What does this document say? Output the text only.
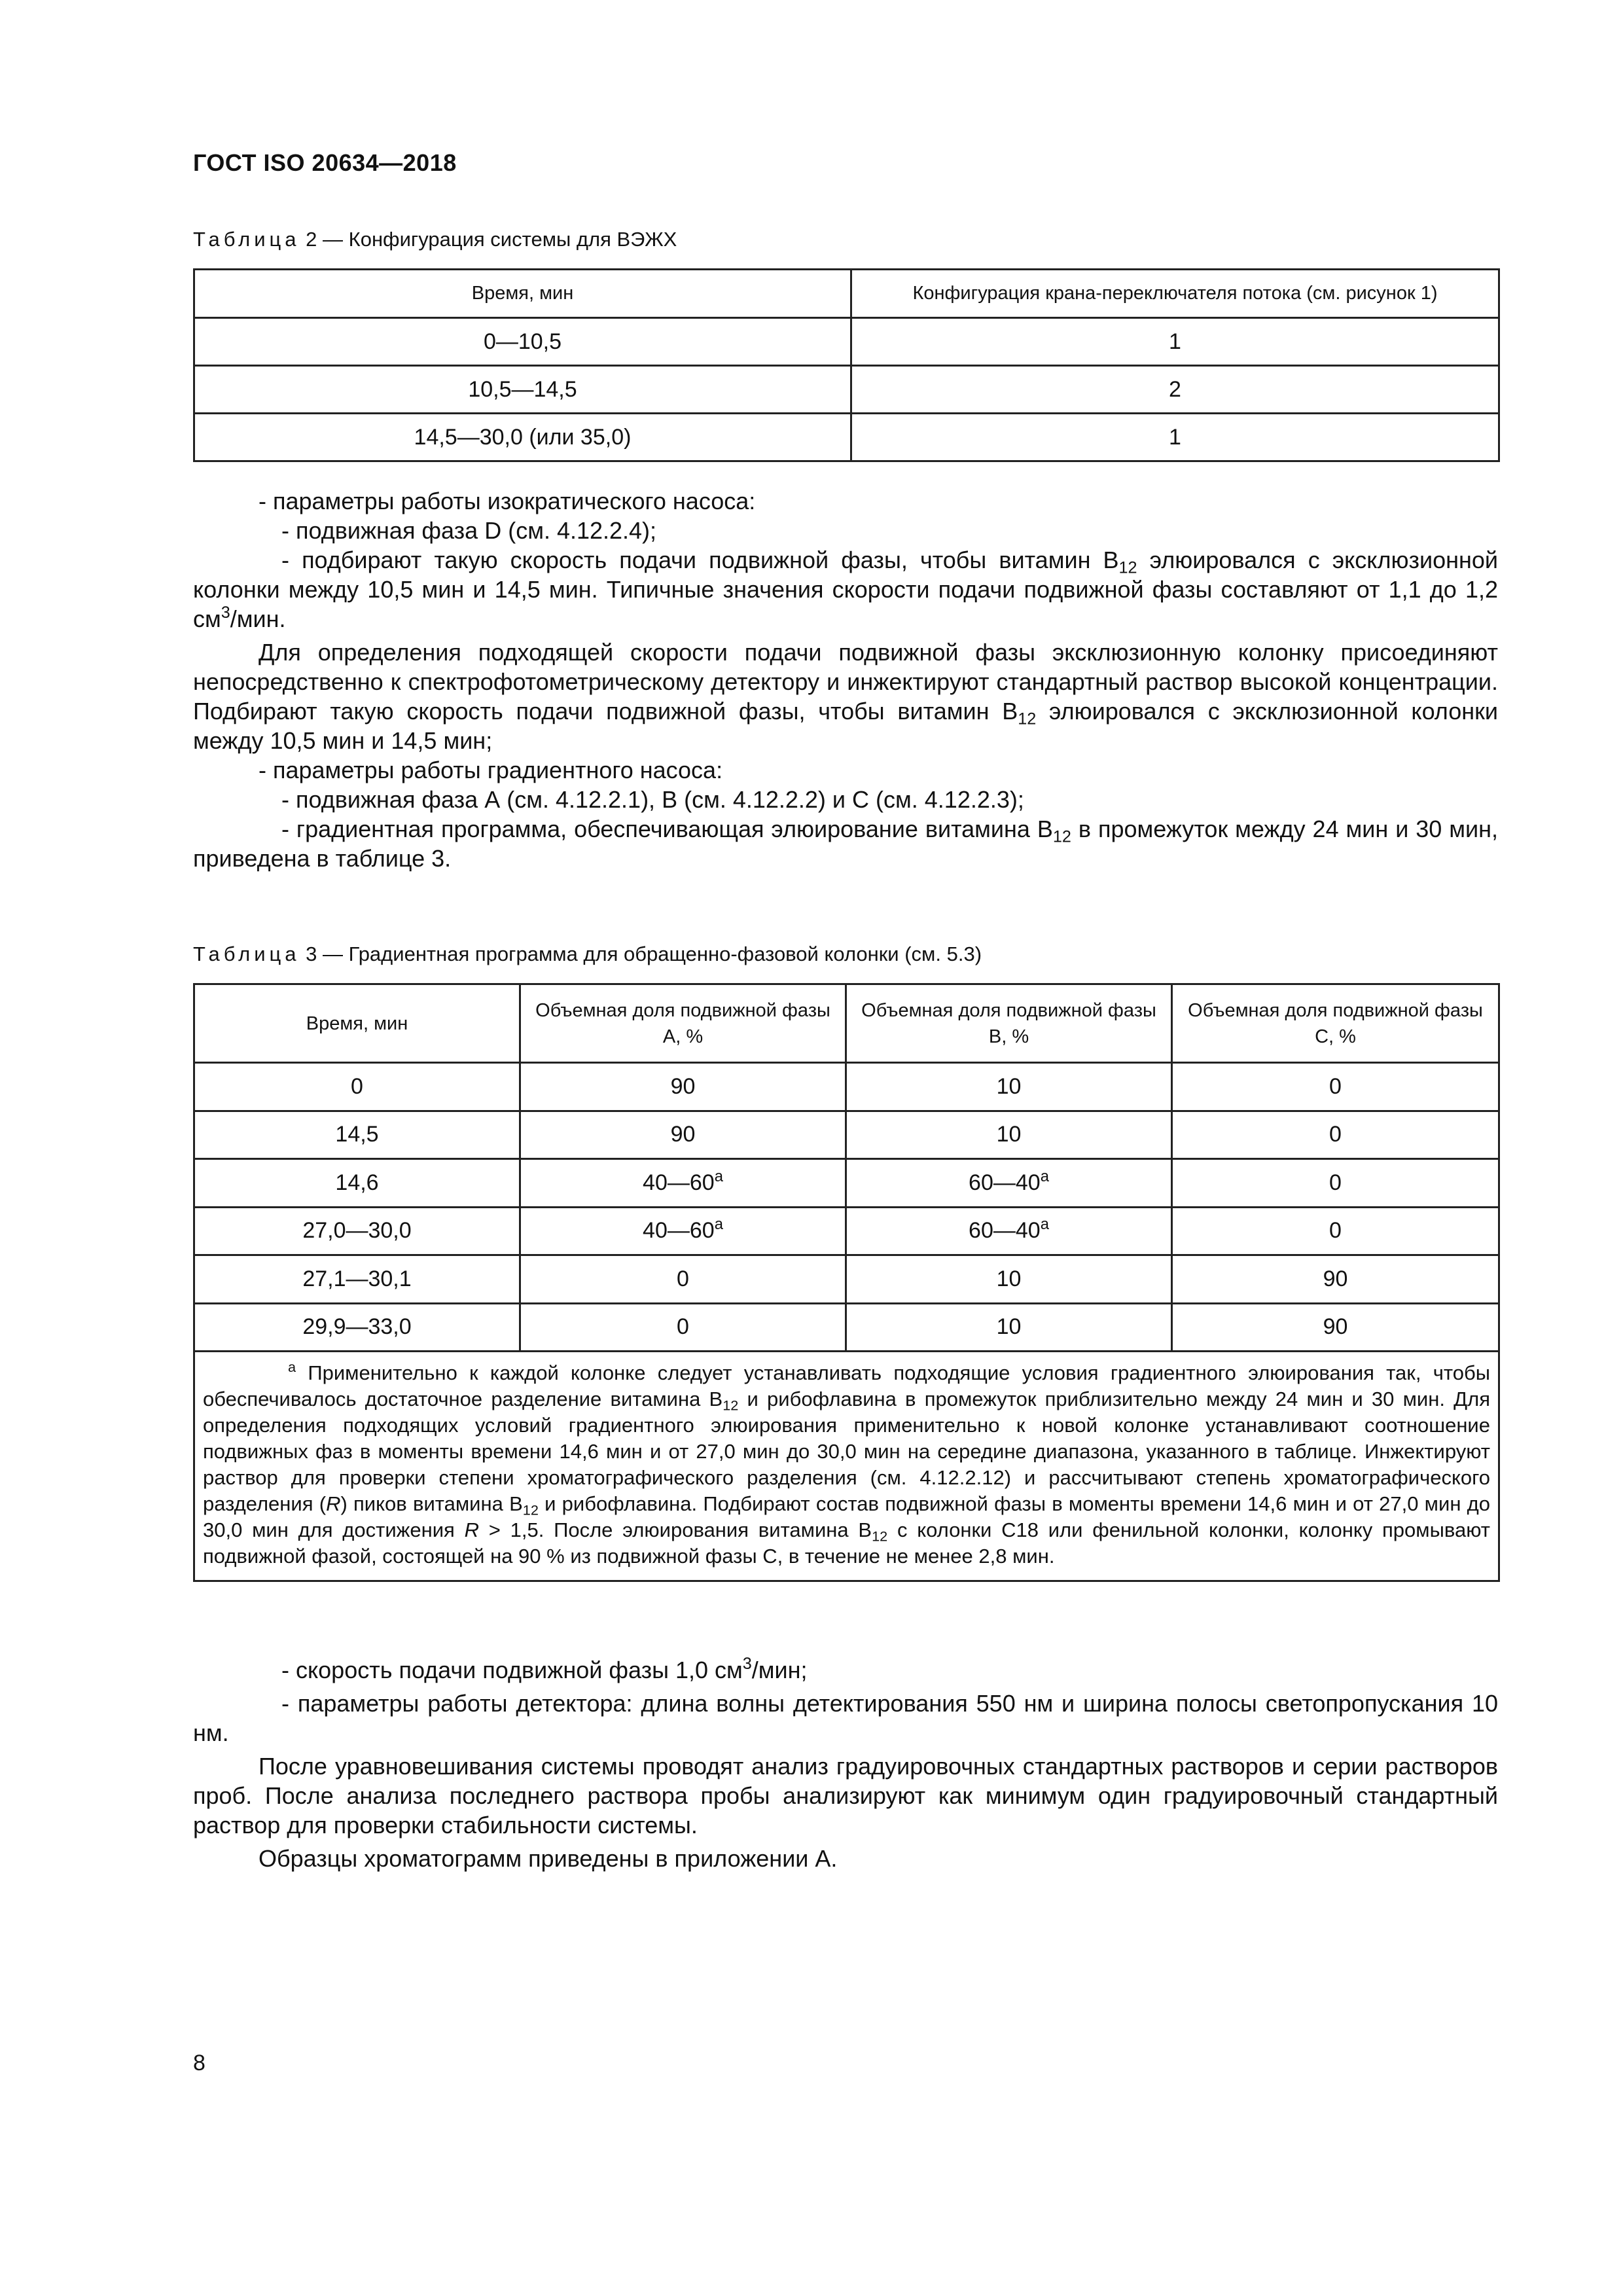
ГОСТ ISO 20634—2018
Таблица 2 — Конфигурация системы для ВЭЖХ
Время, мин	Конфигурация крана-переключателя потока (см. рисунок 1)
0—10,5	1
10,5—14,5	2
14,5—30,0 (или 35,0)	1

- параметры работы изократического насоса:

- подвижная фаза D (см. 4.12.2.4);

- подбирают такую скорость подачи подвижной фазы, чтобы витамин $B_{12}$ элюировался с эксклюзионной колонки между 10,5 мин и 14,5 мин. Типичные значения скорости подачи подвижной фазы составляют от 1,1 до 1,2 $см^3$/мин.

Для определения подходящей скорости подачи подвижной фазы эксклюзионную колонку присоединяют непосредственно к спектрофотометрическому детектору и инжектируют стандартный раствор высокой концентрации. Подбирают такую скорость подачи подвижной фазы, чтобы витамин $B_{12}$ элюировался с эксклюзионной колонки между 10,5 мин и 14,5 мин;

- параметры работы градиентного насоса:

- подвижная фаза А (см. 4.12.2.1), В (см. 4.12.2.2) и С (см. 4.12.2.3);

- градиентная программа, обеспечивающая элюирование витамина $B_{12}$ в промежуток между 24 мин и 30 мин, приведена в таблице 3.

Таблица 3 — Градиентная программа для обращенно-фазовой колонки (см. 5.3)
Время, мин	Объемная доля подвижной фазы А, %	Объемная доля подвижной фазы В, %	Объемная доля подвижной фазы С, %
0	90	10	0
14,5	90	10	0
14,6	40—60$^a$	60—40$^a$	0
27,0—30,0	40—60$^a$	60—40$^a$	0
27,1—30,1	0	10	90
29,9—33,0	0	10	90
$^a$ Применительно к каждой колонке следует устанавливать подходящие условия градиентного элюирования так, чтобы обеспечивалось достаточное разделение витамина $B_{12}$ и рибофлавина в промежуток приблизительно между 24 мин и 30 мин. Для определения подходящих условий градиентного элюирования применительно к новой колонке устанавливают соотношение подвижных фаз в моменты времени 14,6 мин и от 27,0 мин до 30,0 мин на середине диапазона, указанного в таблице. Инжектируют раствор для проверки степени хроматографического разделения (см. 4.12.2.12) и рассчитывают степень хроматографического разделения (R) пиков витамина $B_{12}$ и рибофлавина. Подбирают состав подвижной фазы в моменты времени 14,6 мин и от 27,0 мин до 30,0 мин для достижения R > 1,5. После элюирования витамина $B_{12}$ с колонки С18 или фенильной колонки, колонку промывают подвижной фазой, состоящей на 90 % из подвижной фазы С, в течение не менее 2,8 мин.			

- скорость подачи подвижной фазы 1,0 $см^3$/мин;

- параметры работы детектора: длина волны детектирования 550 нм и ширина полосы светопропускания 10 нм.

После уравновешивания системы проводят анализ градуировочных стандартных растворов и серии растворов проб. После анализа последнего раствора пробы анализируют как минимум один градуировочный стандартный раствор для проверки стабильности системы.

Образцы хроматограмм приведены в приложении А.

8
